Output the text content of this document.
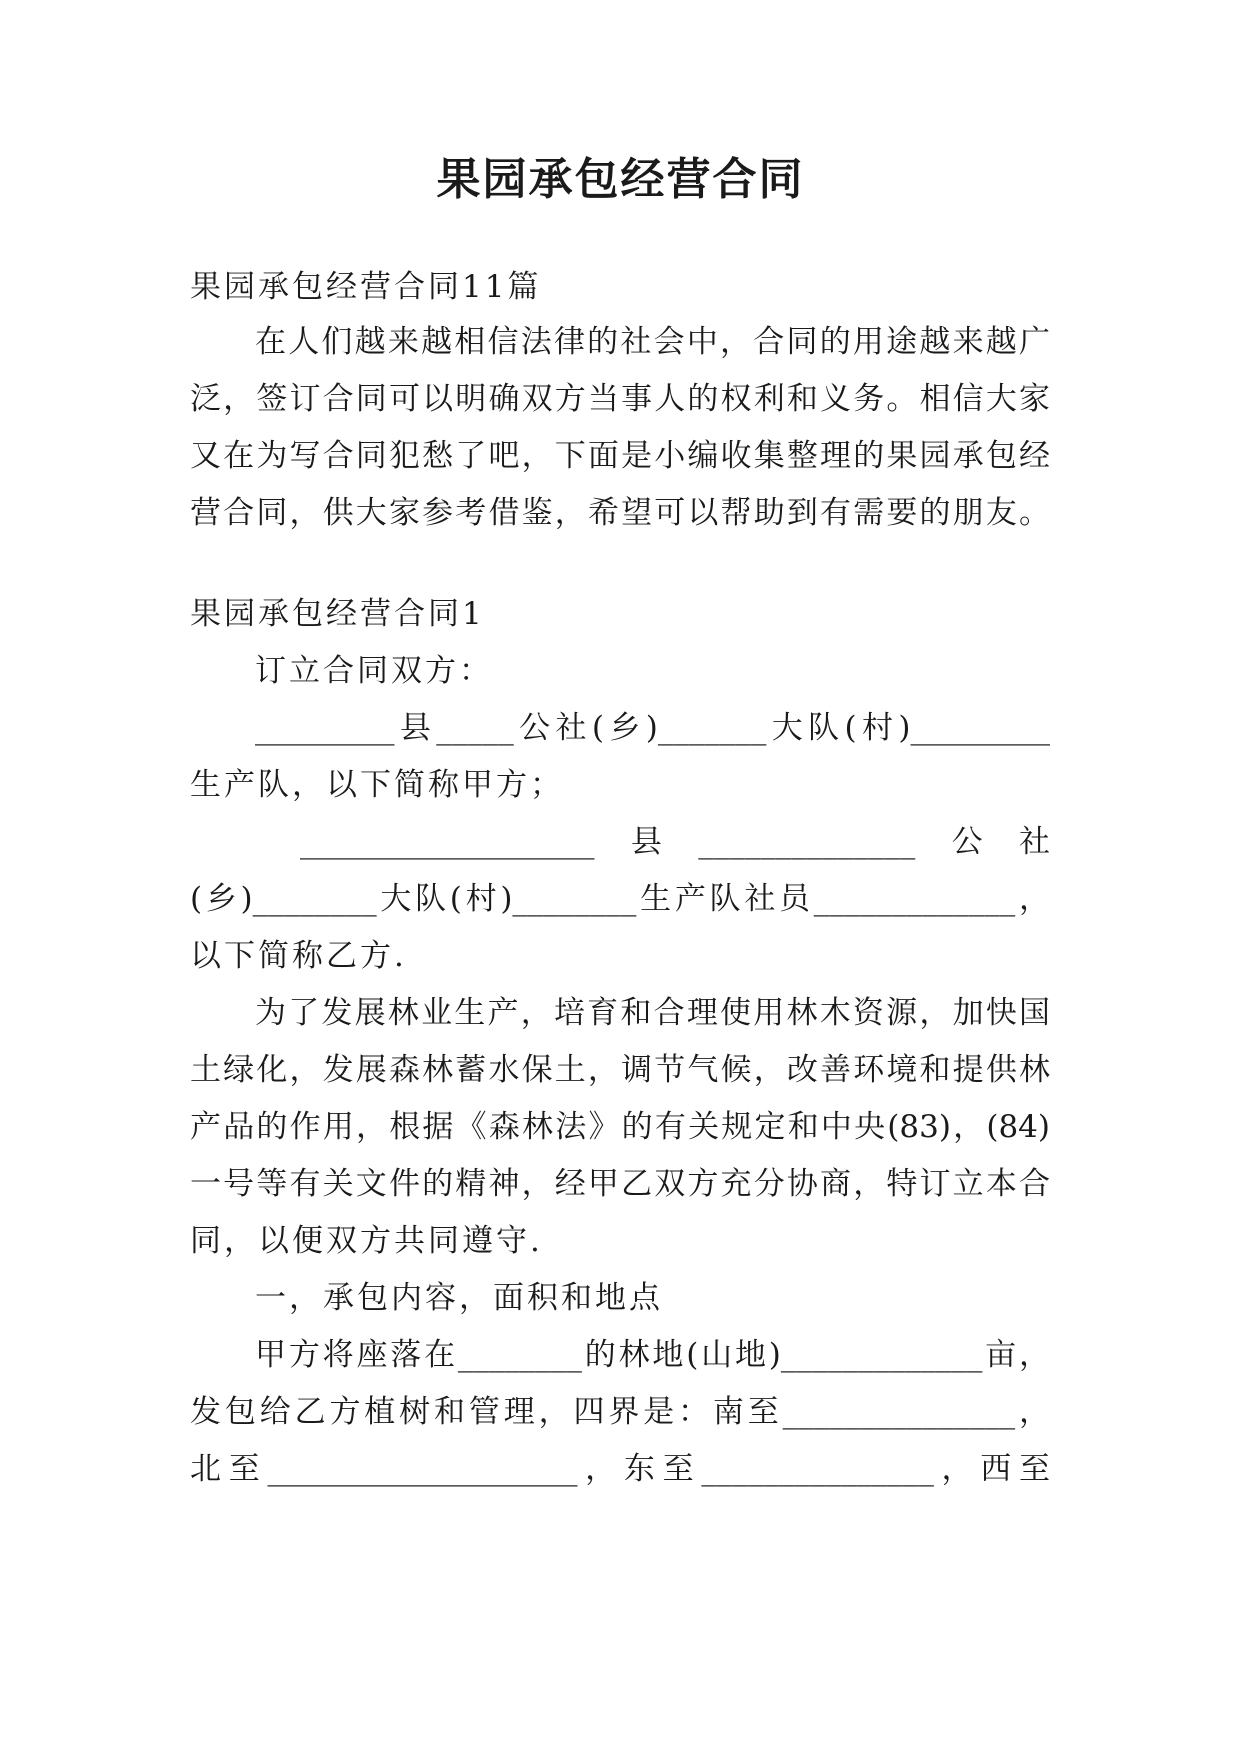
果园承包经营合同
果园承包经营合同11篇
在人们越来越相信法律的社会中，合同的用途越来越广
泛，签订合同可以明确双方当事人的权利和义务。相信大家
又在为写合同犯愁了吧，下面是小编收集整理的果园承包经
营合同，供大家参考借鉴，希望可以帮助到有需要的朋友。
果园承包经营合同1
订立合同双方：
_________县_____公社(乡)_______大队(村)_________
生产队，以下简称甲方；
___________________ 县 ______________ 公 社
(乡)________大队(村)________生产队社员_____________，
以下简称乙方.
为了发展林业生产，培育和合理使用林木资源，加快国
土绿化，发展森林蓄水保土，调节气候，改善环境和提供林
产品的作用，根据《森林法》的有关规定和中央(83)，(84)
一号等有关文件的精神，经甲乙双方充分协商，特订立本合
同，以便双方共同遵守.
一，承包内容，面积和地点
甲方将座落在________的林地(山地)_____________亩，
发包给乙方植树和管理，四界是：南至_______________，
北至____________________，东至_______________，西至
